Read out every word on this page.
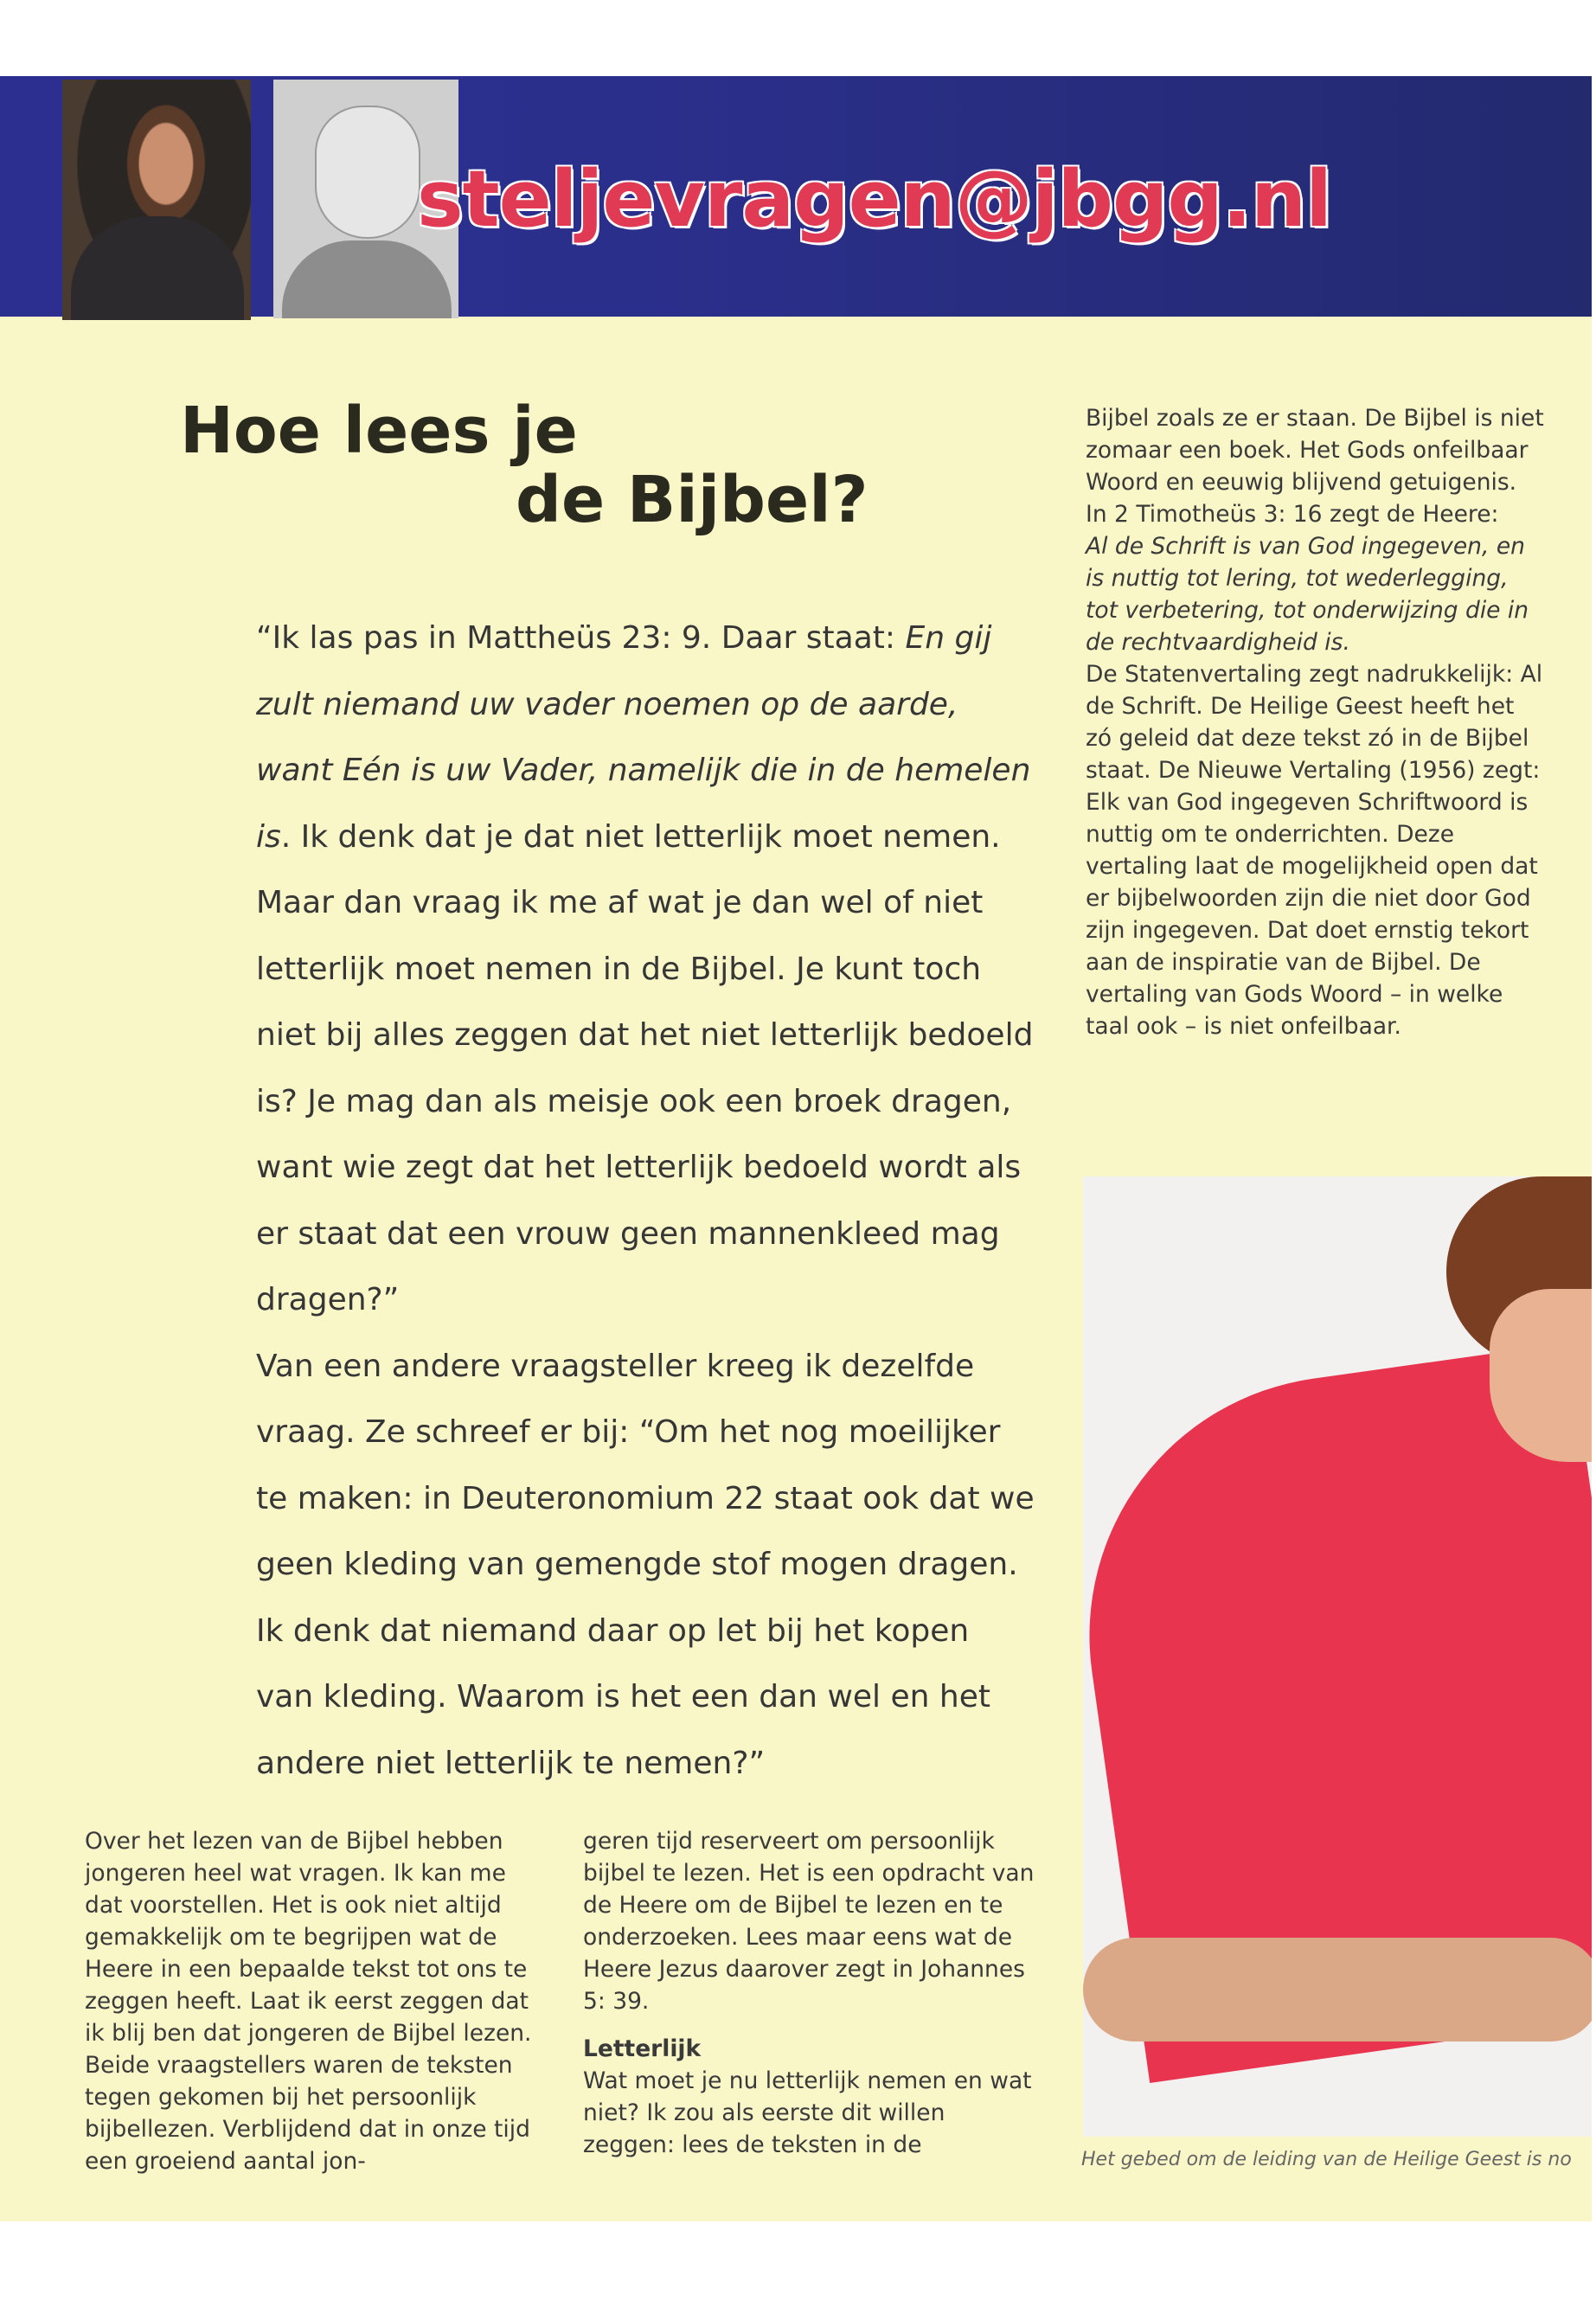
steljevragen@jbgg.nl
Hoe lees je
de Bijbel?

“Ik las pas in Mattheüs 23: 9. Daar staat: En gij zult niemand uw vader noemen op de aarde, want Eén is uw Vader, namelijk die in de hemelen is. Ik denk dat je dat niet letterlijk moet nemen. Maar dan vraag ik me af wat je dan wel of niet letterlijk moet nemen in de Bijbel. Je kunt toch niet bij alles zeggen dat het niet letterlijk bedoeld is? Je mag dan als meisje ook een broek dragen, want wie zegt dat het letterlijk bedoeld wordt als er staat dat een vrouw geen mannenkleed mag dragen?”

Van een andere vraagsteller kreeg ik dezelfde vraag. Ze schreef er bij: “Om het nog moeilijker te maken: in Deuteronomium 22 staat ook dat we geen kleding van gemengde stof mogen dragen. Ik denk dat niemand daar op let bij het kopen van kleding. Waarom is het een dan wel en het andere niet letterlijk te nemen?”

Over het lezen van de Bijbel hebben jongeren heel wat vragen. Ik kan me dat voorstellen. Het is ook niet altijd gemakkelijk om te begrijpen wat de Heere in een bepaalde tekst tot ons te zeggen heeft. Laat ik eerst zeggen dat ik blij ben dat jongeren de Bijbel lezen. Beide vraagstellers waren de teksten tegen gekomen bij het persoonlijk bijbellezen. Verblijdend dat in onze tijd een groeiend aantal jon-

geren tijd reserveert om persoonlijk bijbel te lezen. Het is een opdracht van de Heere om de Bijbel te lezen en te onderzoeken. Lees maar eens wat de Heere Jezus daarover zegt in Johannes 5: 39.

Letterlijk

Wat moet je nu letterlijk nemen en wat niet? Ik zou als eerste dit willen zeggen: lees de teksten in de

Bijbel zoals ze er staan. De Bijbel is niet zomaar een boek. Het Gods onfeilbaar Woord en eeuwig blijvend getuigenis.

In 2 Timotheüs 3: 16 zegt de Heere:

Al de Schrift is van God ingegeven, en is nuttig tot lering, tot wederlegging, tot verbetering, tot onderwijzing die in de rechtvaardigheid is.

De Statenvertaling zegt nadrukkelijk: Al de Schrift. De Heilige Geest heeft het zó geleid dat deze tekst zó in de Bijbel staat. De Nieuwe Vertaling (1956) zegt: Elk van God ingegeven Schriftwoord is nuttig om te onderrichten. Deze vertaling laat de mogelijkheid open dat er bijbelwoorden zijn die niet door God zijn ingegeven. Dat doet ernstig tekort aan de inspiratie van de Bijbel. De vertaling van Gods Woord – in welke taal ook – is niet onfeilbaar.

Het gebed om de leiding van de Heilige Geest is no
